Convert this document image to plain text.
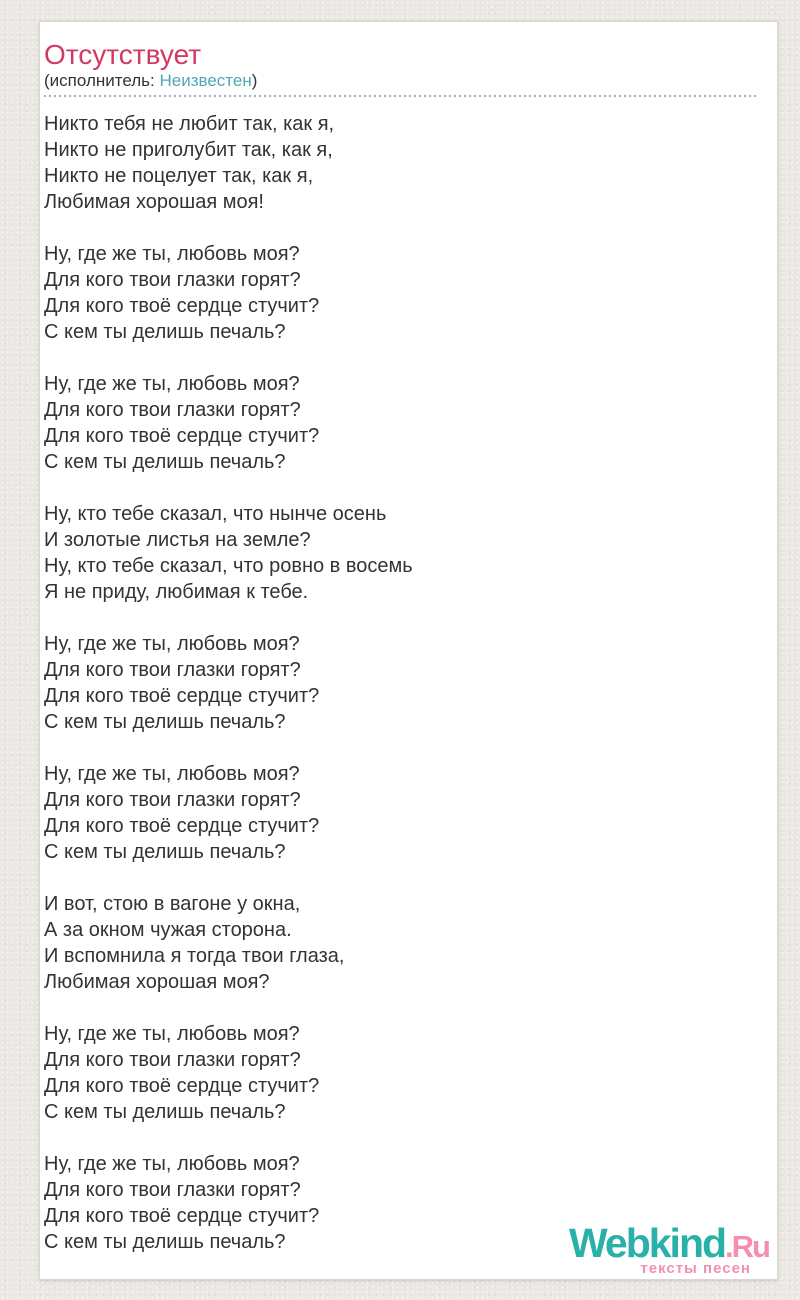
Отсутствует
(исполнитель: Неизвестен)
Никто тебя не любит так, как я,
Никто не приголубит так, как я,
Никто не поцелует так, как я,
Любимая хорошая моя!
Ну, где же ты, любовь моя?
Для кого твои глазки горят?
Для кого твоё сердце стучит?
С кем ты делишь печаль?
Ну, где же ты, любовь моя?
Для кого твои глазки горят?
Для кого твоё сердце стучит?
С кем ты делишь печаль?
Ну, кто тебе сказал, что нынче осень
И золотые листья на земле?
Ну, кто тебе сказал, что ровно в восемь
Я не приду, любимая к тебе.
Ну, где же ты, любовь моя?
Для кого твои глазки горят?
Для кого твоё сердце стучит?
С кем ты делишь печаль?
Ну, где же ты, любовь моя?
Для кого твои глазки горят?
Для кого твоё сердце стучит?
С кем ты делишь печаль?
И вот, стою в вагоне у окна,
А за окном чужая сторона.
И вспомнила я тогда твои глаза,
Любимая хорошая моя?
Ну, где же ты, любовь моя?
Для кого твои глазки горят?
Для кого твоё сердце стучит?
С кем ты делишь печаль?
Ну, где же ты, любовь моя?
Для кого твои глазки горят?
Для кого твоё сердце стучит?
С кем ты делишь печаль?	Webkind.Ru
тексты песен
